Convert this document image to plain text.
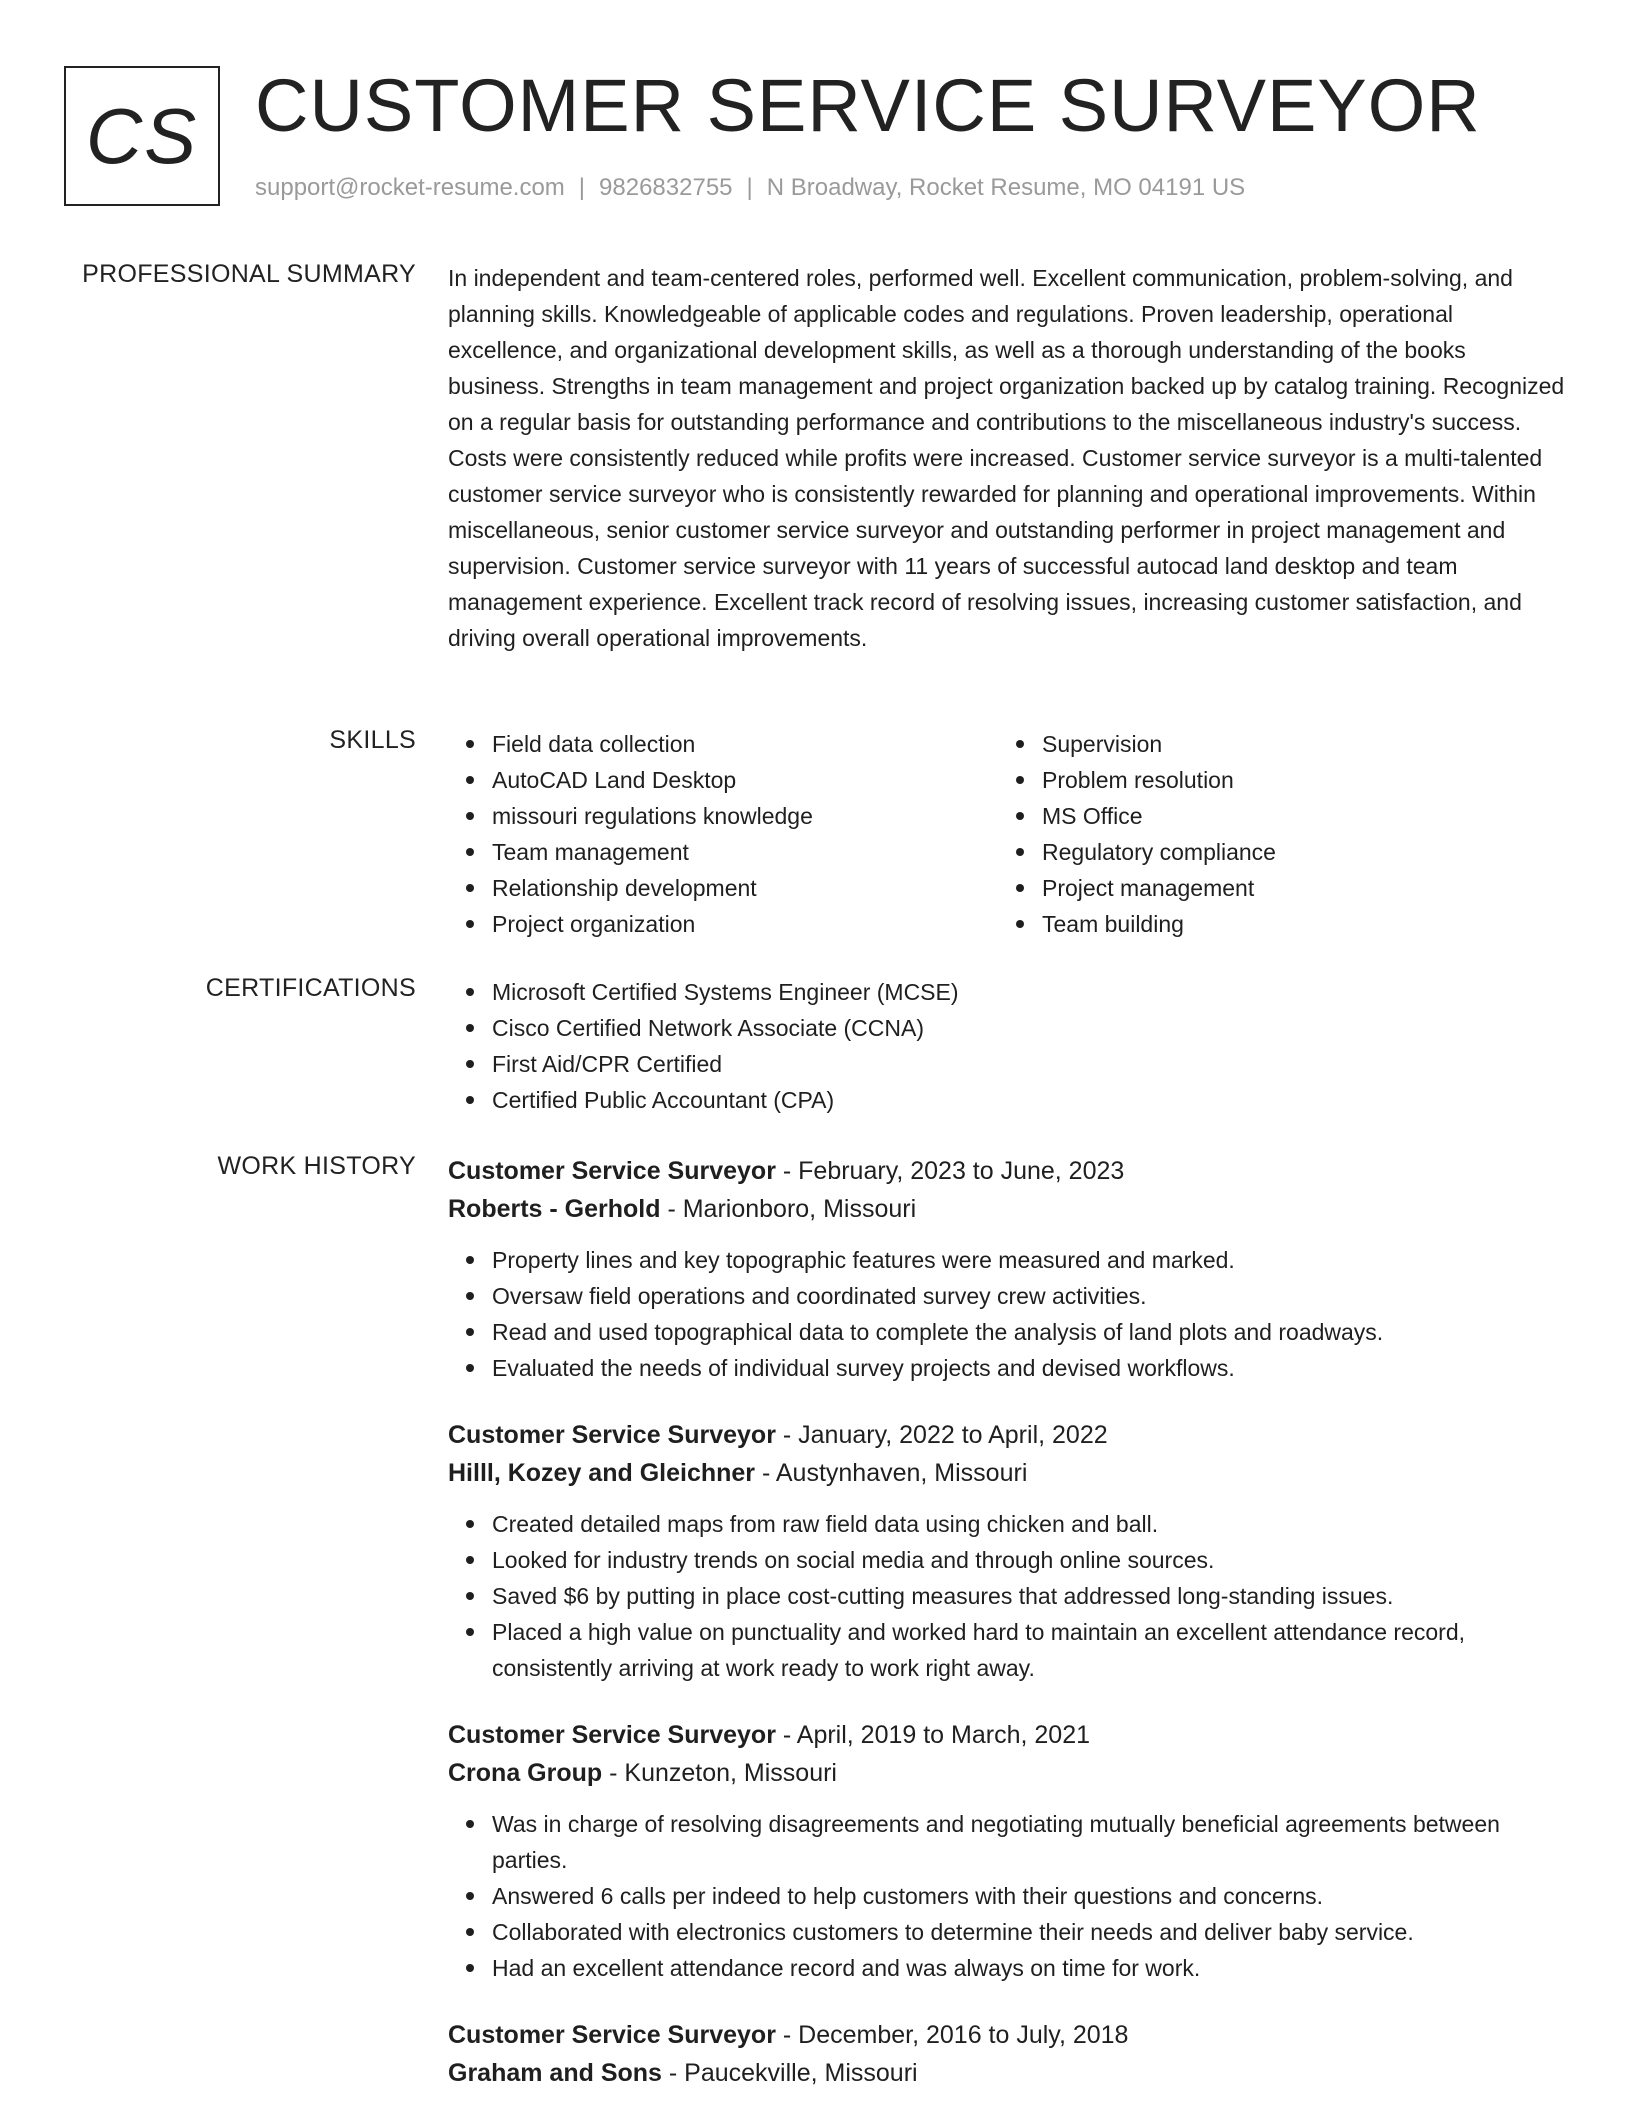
CS CUSTOMER SERVICE SURVEYOR
support@rocket-resume.com | 9826832755 | N Broadway, Rocket Resume, MO 04191 US
PROFESSIONAL SUMMARY In independent and team-centered roles, performed well. Excellent communication, problem-solving, and planning skills. Knowledgeable of applicable codes and regulations. Proven leadership, operational excellence, and organizational development skills, as well as a thorough understanding of the books business. Strengths in team management and project organization backed up by catalog training. Recognized on a regular basis for outstanding performance and contributions to the miscellaneous industry's success. Costs were consistently reduced while profits were increased. Customer service surveyor is a multi-talented customer service surveyor who is consistently rewarded for planning and operational improvements. Within miscellaneous, senior customer service surveyor and outstanding performer in project management and supervision. Customer service surveyor with 11 years of successful autocad land desktop and team management experience. Excellent track record of resolving issues, increasing customer satisfaction, and driving overall operational improvements.

SKILLS	Field data collection
AutoCAD Land Desktop
missouri regulations knowledge
Team management
Relationship development
Project organization
Supervision
Problem resolution
MS Office
Regulatory compliance
Project management
Team building
CERTIFICATIONS	Microsoft Certified Systems Engineer (MCSE)
Cisco Certified Network Associate (CCNA)
First Aid/CPR Certified
Certified Public Accountant (CPA)
WORK HISTORY Customer Service Surveyor - February, 2023 to June, 2023
Roberts - Gerhold - Marionboro, Missouri
Property lines and key topographic features were measured and marked.
Oversaw field operations and coordinated survey crew activities.
Read and used topographical data to complete the analysis of land plots and roadways.
Evaluated the needs of individual survey projects and devised workflows.
Customer Service Surveyor - January, 2022 to April, 2022
Hilll, Kozey and Gleichner - Austynhaven, Missouri
Created detailed maps from raw field data using chicken and ball.
Looked for industry trends on social media and through online sources.
Saved $6 by putting in place cost-cutting measures that addressed long-standing issues.
Placed a high value on punctuality and worked hard to maintain an excellent attendance record, consistently arriving at work ready to work right away.
Customer Service Surveyor - April, 2019 to March, 2021
Crona Group - Kunzeton, Missouri
Was in charge of resolving disagreements and negotiating mutually beneficial agreements between parties.
Answered 6 calls per indeed to help customers with their questions and concerns.
Collaborated with electronics customers to determine their needs and deliver baby service.
Had an excellent attendance record and was always on time for work.
Customer Service Surveyor - December, 2016 to July, 2018
Graham and Sons - Paucekville, Missouri
